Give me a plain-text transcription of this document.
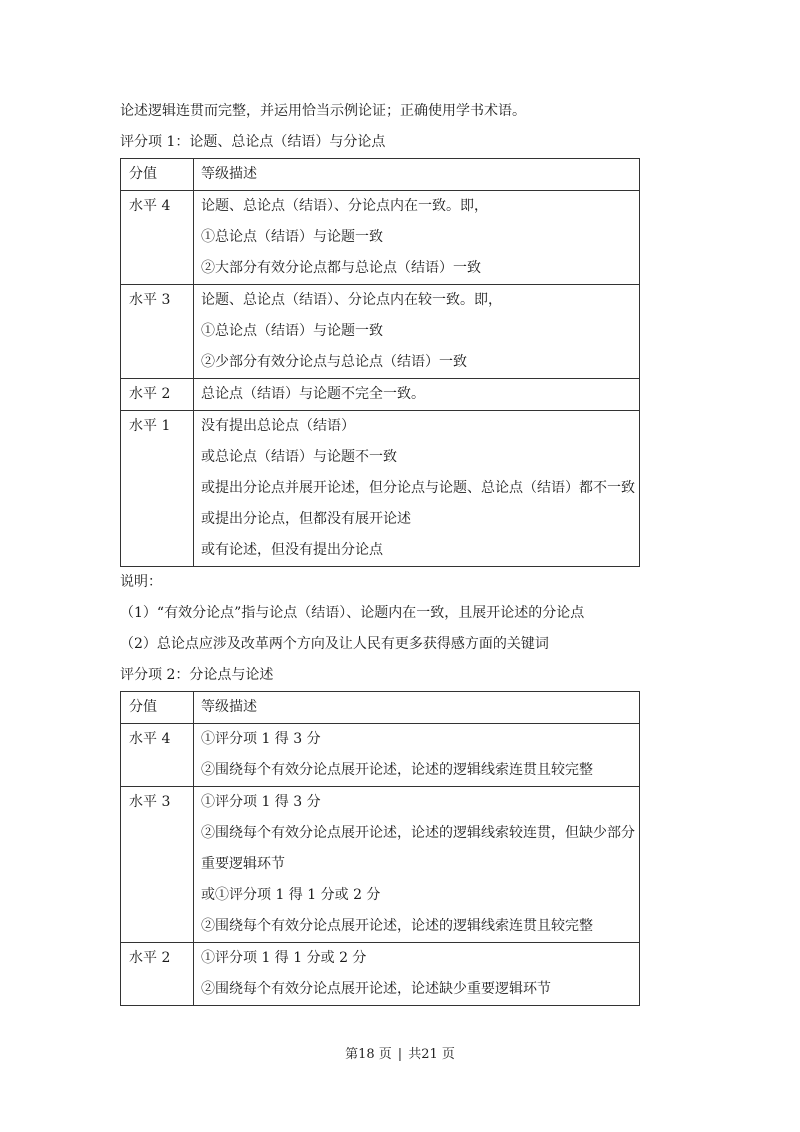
论述逻辑连贯而完整，并运用恰当示例论证；正确使用学书术语。
评分项 1：论题、总论点（结语）与分论点
分值	等级描述

水平 4	论题、总论点（结语）、分论点内在一致。即，
①总论点（结语）与论题一致
②大部分有效分论点都与总论点（结语）一致

水平 3	论题、总论点（结语）、分论点内在较一致。即，
①总论点（结语）与论题一致
②少部分有效分论点与总论点（结语）一致

水平 2	总论点（结语）与论题不完全一致。

水平 1	没有提出总论点（结语）
或总论点（结语）与论题不一致
或提出分论点并展开论述，但分论点与论题、总论点（结语）都不一致
或提出分论点，但都没有展开论述
或有论述，但没有提出分论点
说明：
（1）“有效分论点”指与论点（结语）、论题内在一致，且展开论述的分论点
（2）总论点应涉及改革两个方向及让人民有更多获得感方面的关键词
评分项 2：分论点与论述
分值	等级描述

水平 4	①评分项 1 得 3 分
②围绕每个有效分论点展开论述，论述的逻辑线索连贯且较完整

水平 3	①评分项 1 得 3 分
②围绕每个有效分论点展开论述，论述的逻辑线索较连贯，但缺少部分
重要逻辑环节
或①评分项 1 得 1 分或 2 分
②围绕每个有效分论点展开论述，论述的逻辑线索连贯且较完整

水平 2	①评分项 1 得 1 分或 2 分
②围绕每个有效分论点展开论述，论述缺少重要逻辑环节
第18 页 | 共21 页
